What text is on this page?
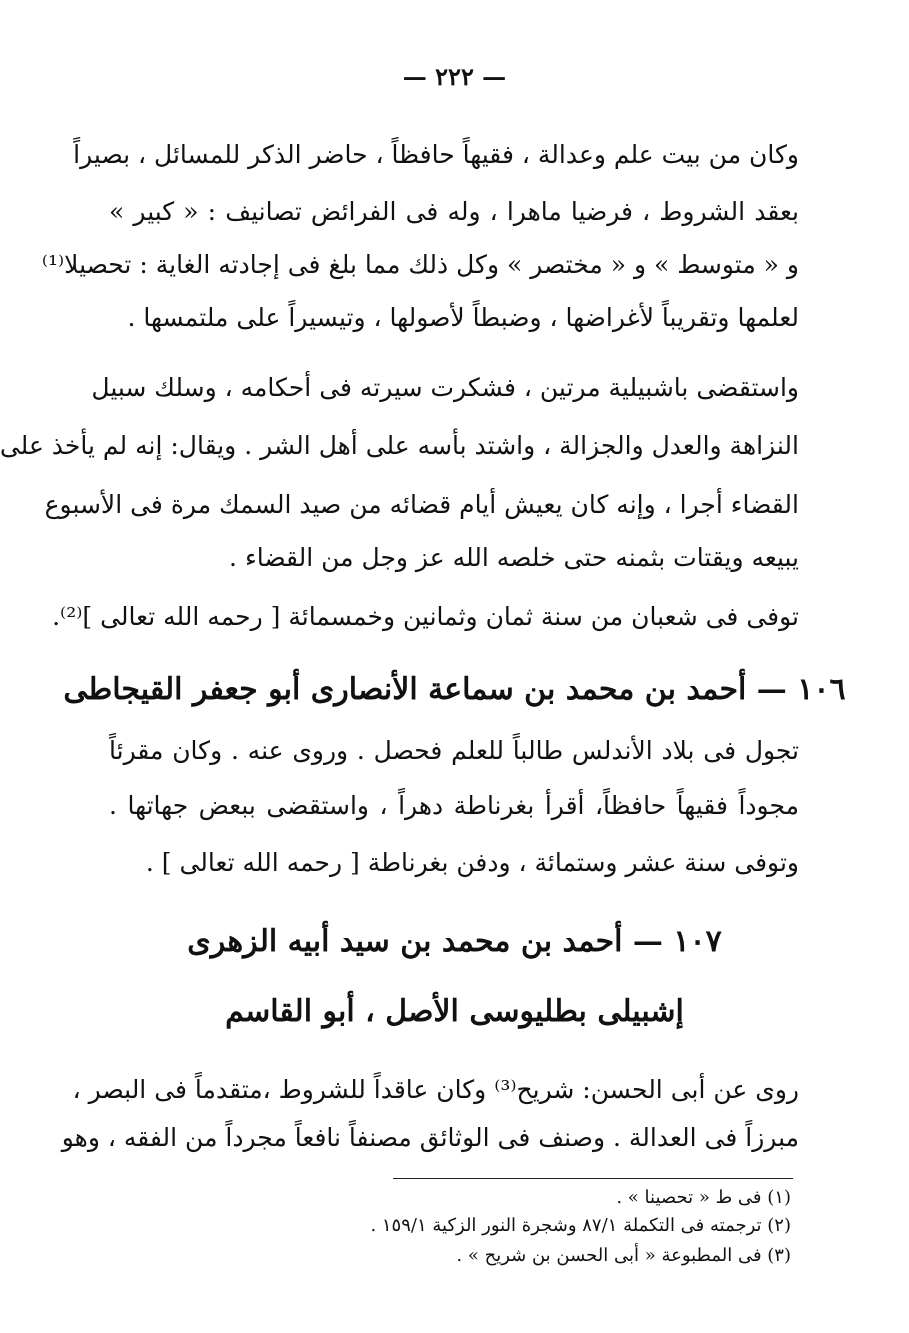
— ٢٢٢ —
وكان من بيت علم وعدالة ، فقيهاً حافظاً ، حاضر الذكر للمسائل ، بصيراً
بعقد الشروط ، فرضيا ماهرا ، وله فى الفرائض تصانيف : « كبير »
و « متوسط » و « مختصر » وكل ذلك مما بلغ فى إجادته الغاية : تحصيلا⁽¹⁾
لعلمها وتقريباً لأغراضها ، وضبطاً لأصولها ، وتيسيراً على ملتمسها .
واستقضى باشبيلية مرتين ، فشكرت سيرته فى أحكامه ، وسلك سبيل
النزاهة والعدل والجزالة ، واشتد بأسه على أهل الشر . ويقال: إنه لم يأخذ على
القضاء أجرا ، وإنه كان يعيش أيام قضائه من صيد السمك مرة فى الأسبوع
يبيعه ويقتات بثمنه حتى خلصه الله عز وجل من القضاء .
توفى فى شعبان من سنة ثمان وثمانين وخمسمائة [ رحمه الله تعالى ]⁽²⁾.
١٠٦ — أحمد بن محمد بن سماعة الأنصارى أبو جعفر القيجاطى
تجول فى بلاد الأندلس طالباً للعلم فحصل . وروى عنه . وكان مقرئاً
مجوداً فقيهاً حافظاً، أقرأ بغرناطة دهراً ، واستقضى ببعض جهاتها .
وتوفى سنة عشر وستمائة ، ودفن بغرناطة [ رحمه الله تعالى ] .
١٠٧ — أحمد بن محمد بن سيد أبيه الزهرى
إشبيلى بطليوسى الأصل ، أبو القاسم
روى عن أبى الحسن: شريح⁽³⁾ وكان عاقداً للشروط ،متقدماً فى البصر ،
مبرزاً فى العدالة . وصنف فى الوثائق مصنفاً نافعاً مجرداً من الفقه ، وهو
(١) فى ط « تحصينا » .
(٢) ترجمته فى التكملة ٨٧/١ وشجرة النور الزكية ١٥٩/١ .
(٣) فى المطبوعة « أبى الحسن بن شريح » .
